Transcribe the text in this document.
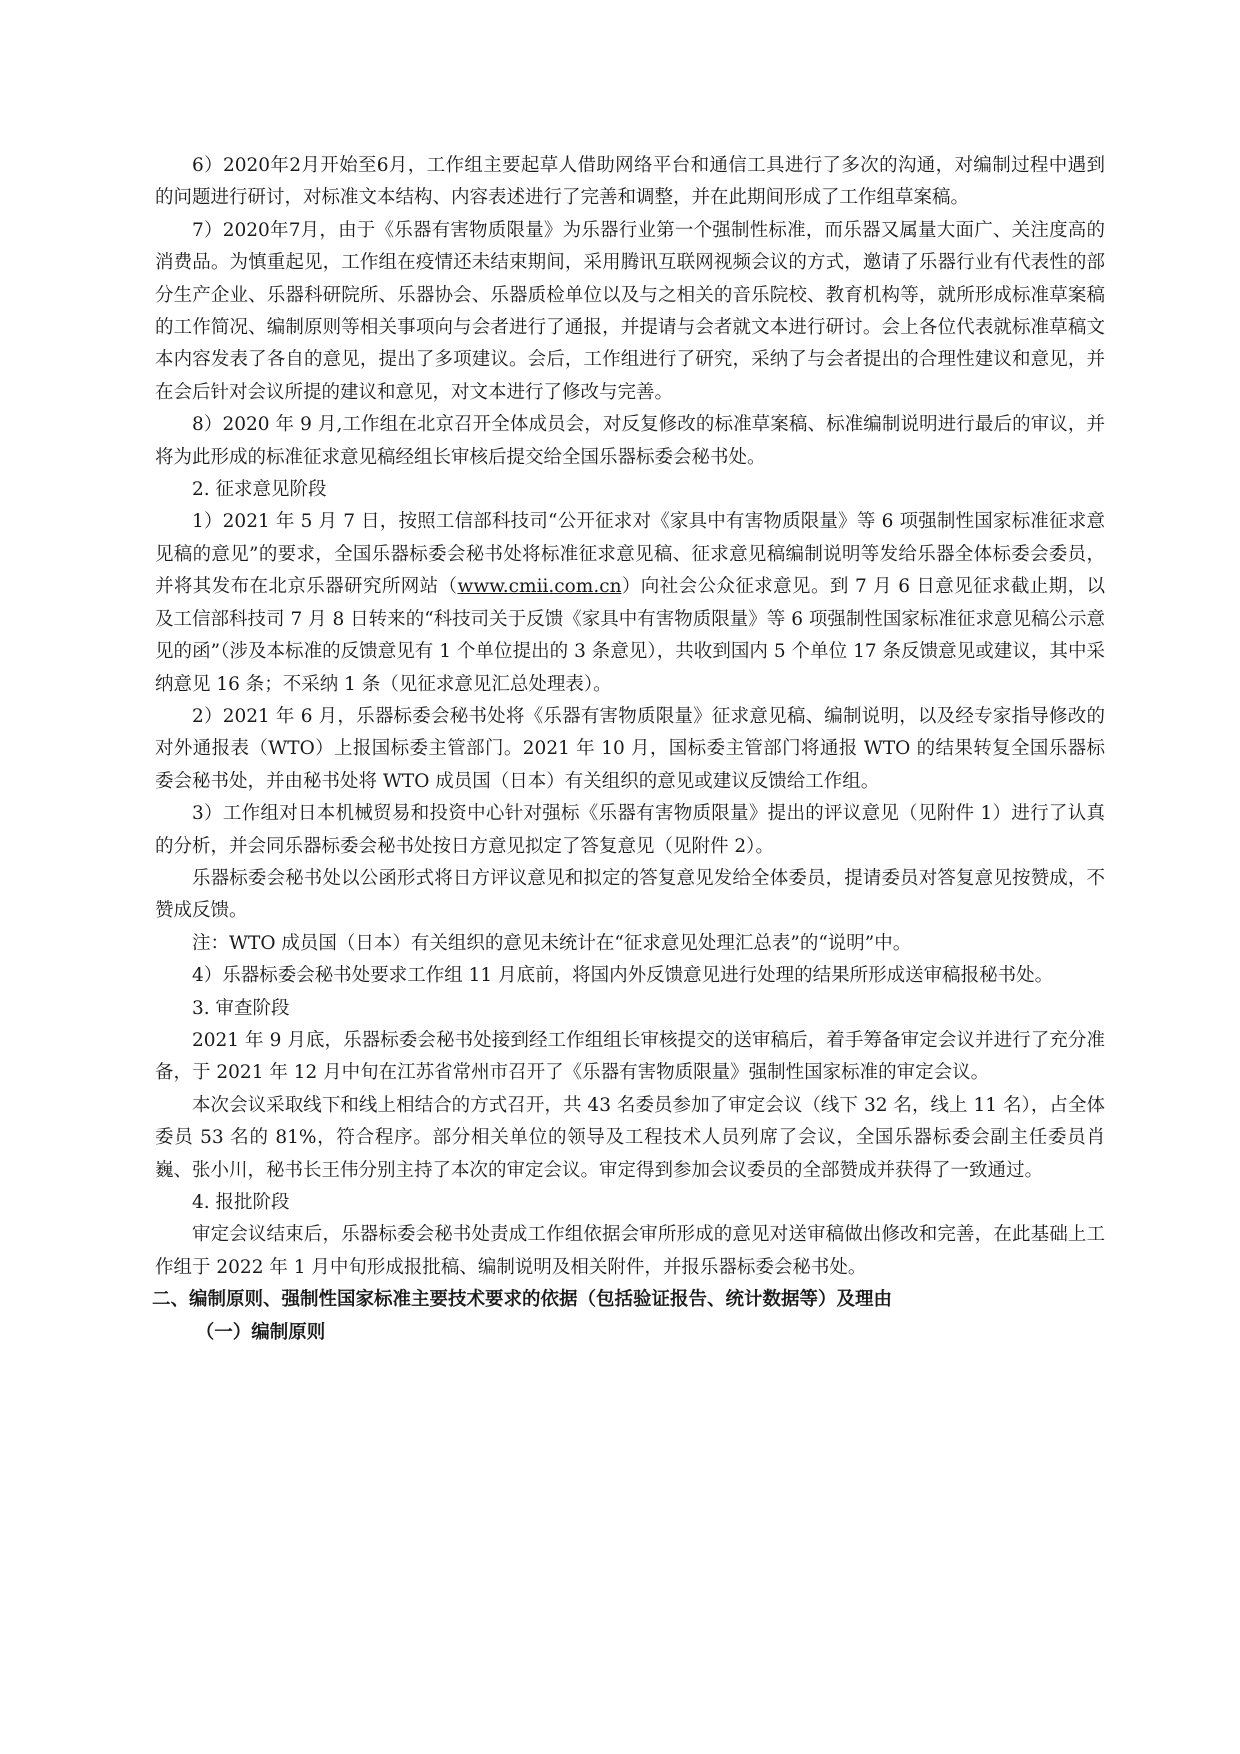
6）2020年2月开始至6月，工作组主要起草人借助网络平台和通信工具进行了多次的沟通，对编制过程中遇到的问题进行研讨，对标准文本结构、内容表述进行了完善和调整，并在此期间形成了工作组草案稿。

7）2020年7月，由于《乐器有害物质限量》为乐器行业第一个强制性标准，而乐器又属量大面广、关注度高的消费品。为慎重起见，工作组在疫情还未结束期间，采用腾讯互联网视频会议的方式，邀请了乐器行业有代表性的部分生产企业、乐器科研院所、乐器协会、乐器质检单位以及与之相关的音乐院校、教育机构等，就所形成标准草案稿的工作简况、编制原则等相关事项向与会者进行了通报，并提请与会者就文本进行研讨。会上各位代表就标准草稿文本内容发表了各自的意见，提出了多项建议。会后，工作组进行了研究，采纳了与会者提出的合理性建议和意见，并在会后针对会议所提的建议和意见，对文本进行了修改与完善。

8）2020 年 9 月,工作组在北京召开全体成员会，对反复修改的标准草案稿、标准编制说明进行最后的审议，并将为此形成的标准征求意见稿经组长审核后提交给全国乐器标委会秘书处。

2. 征求意见阶段

1）2021 年 5 月 7 日，按照工信部科技司“公开征求对《家具中有害物质限量》等 6 项强制性国家标准征求意见稿的意见”的要求，全国乐器标委会秘书处将标准征求意见稿、征求意见稿编制说明等发给乐器全体标委会委员，并将其发布在北京乐器研究所网站（www.cmii.com.cn）向社会公众征求意见。到 7 月 6 日意见征求截止期，以及工信部科技司 7 月 8 日转来的“科技司关于反馈《家具中有害物质限量》等 6 项强制性国家标准征求意见稿公示意见的函”（涉及本标准的反馈意见有 1 个单位提出的 3 条意见），共收到国内 5 个单位 17 条反馈意见或建议，其中采纳意见 16 条；不采纳 1 条（见征求意见汇总处理表）。

2）2021 年 6 月，乐器标委会秘书处将《乐器有害物质限量》征求意见稿、编制说明，以及经专家指导修改的对外通报表（WTO）上报国标委主管部门。2021 年 10 月，国标委主管部门将通报 WTO 的结果转复全国乐器标委会秘书处，并由秘书处将 WTO 成员国（日本）有关组织的意见或建议反馈给工作组。

3）工作组对日本机械贸易和投资中心针对强标《乐器有害物质限量》提出的评议意见（见附件 1）进行了认真的分析，并会同乐器标委会秘书处按日方意见拟定了答复意见（见附件 2）。

乐器标委会秘书处以公函形式将日方评议意见和拟定的答复意见发给全体委员，提请委员对答复意见按赞成，不赞成反馈。

注：WTO 成员国（日本）有关组织的意见未统计在“征求意见处理汇总表”的“说明”中。

4）乐器标委会秘书处要求工作组 11 月底前，将国内外反馈意见进行处理的结果所形成送审稿报秘书处。

3. 审查阶段

2021 年 9 月底，乐器标委会秘书处接到经工作组组长审核提交的送审稿后，着手筹备审定会议并进行了充分准备，于 2021 年 12 月中旬在江苏省常州市召开了《乐器有害物质限量》强制性国家标准的审定会议。

本次会议采取线下和线上相结合的方式召开，共 43 名委员参加了审定会议（线下 32 名，线上 11 名），占全体委员 53 名的 81%，符合程序。部分相关单位的领导及工程技术人员列席了会议，全国乐器标委会副主任委员肖巍、张小川，秘书长王伟分别主持了本次的审定会议。审定得到参加会议委员的全部赞成并获得了一致通过。

4. 报批阶段

审定会议结束后，乐器标委会秘书处责成工作组依据会审所形成的意见对送审稿做出修改和完善，在此基础上工作组于 2022 年 1 月中旬形成报批稿、编制说明及相关附件，并报乐器标委会秘书处。

二、编制原则、强制性国家标准主要技术要求的依据（包括验证报告、统计数据等）及理由

（一）编制原则
